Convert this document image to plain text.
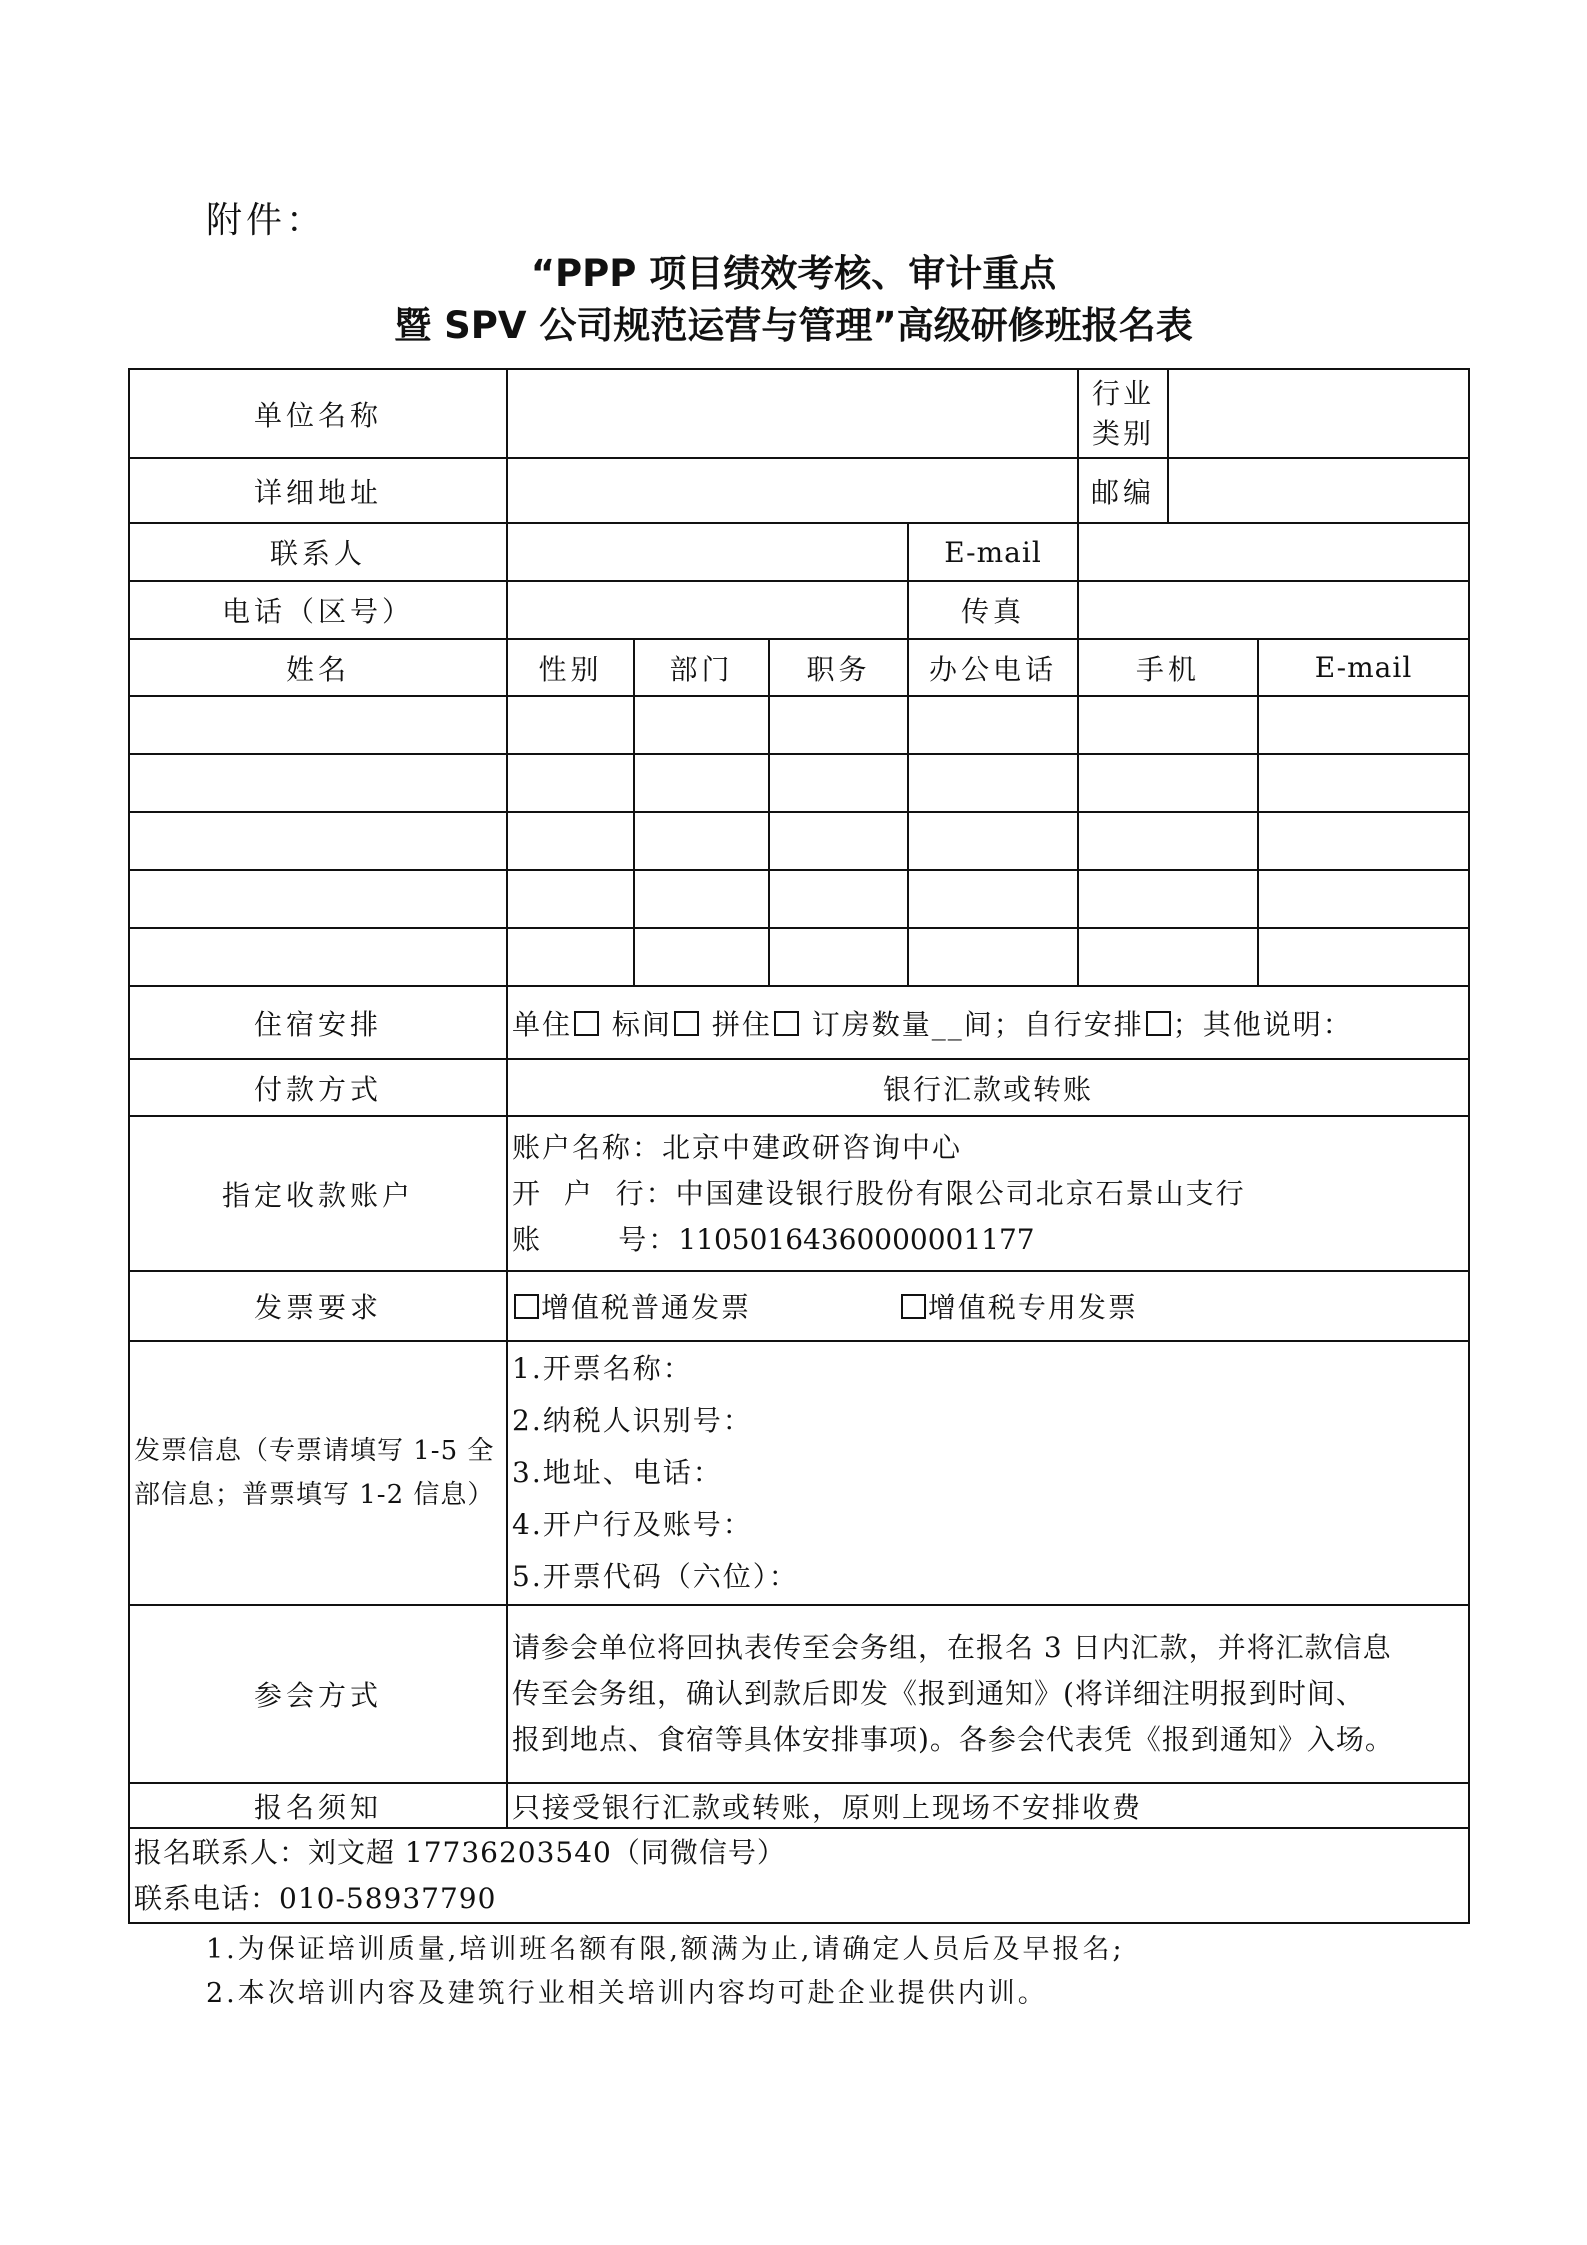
附件：
“PPP 项目绩效考核、审计重点
暨 SPV 公司规范运营与管理”高级研修班报名表
单位名称					行业
类别	

详细地址					邮编	
联系人				E-mail		
电话（区号）				传真		
姓名	性别	部门	职务	办公电话	手机 E-mail	

住宿安排	单住 标间 拼住 订房数量__间；自行安排 ；其他说明：					
付款方式	银行汇款或转账					
指定收款账户	账户名称：北京中建政研咨询中心
开  户  行：中国建设银行股份有限公司北京石景山支行
账       号：11050164360000001177					

发票要求	增值税普通发票 增值税专用发票					
发票信息（专票请填写 1-5 全部信息；普票填写 1-2 信息）	1.开票名称：
2.纳税人识别号：
3.地址、电话：
4.开户行及账号：
5.开票代码（六位）：					

参会方式	请参会单位将回执表传至会务组，在报名 3 日内汇款，并将汇款信息
传至会务组，确认到款后即发《报到通知》(将详细注明报到时间、
报到地点、食宿等具体安排事项)。各参会代表凭《报到通知》入场。					

报名须知	只接受银行汇款或转账，原则上现场不安排收费					

报名联系人：刘文超 17736203540（同微信号）
联系电话：010-58937790						
1.为保证培训质量,培训班名额有限,额满为止,请确定人员后及早报名;
2.本次培训内容及建筑行业相关培训内容均可赴企业提供内训。
